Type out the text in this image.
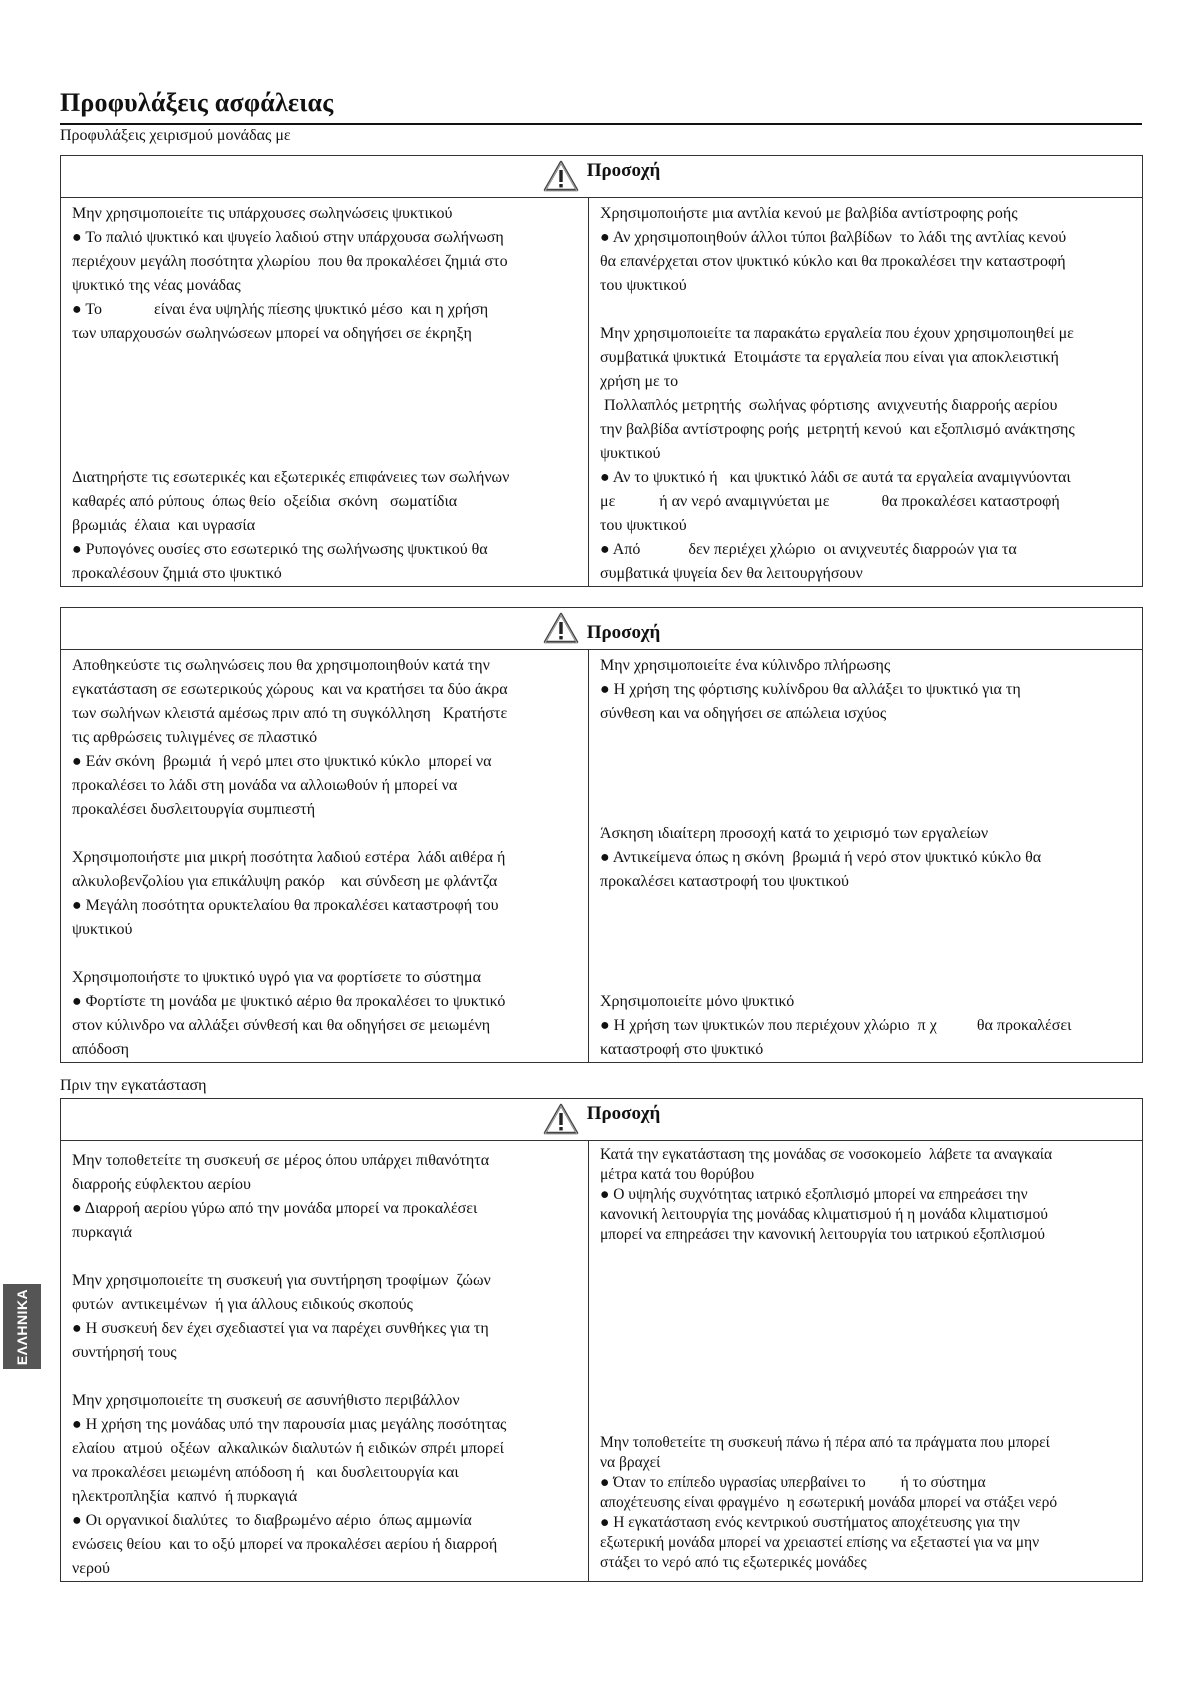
Προφυλάξεις ασφάλειας
Προφυλάξεις χειρισμού μονάδας με
Προσοχή

Μην χρησιμοποιείτε τις υπάρχουσες σωληνώσεις ψυκτικού
● Το παλιό ψυκτικό και ψυγείο λαδιού στην υπάρχουσα σωλήνωση
περιέχουν μεγάλη ποσότητα χλωρίου  που θα προκαλέσει ζημιά στο
ψυκτικό της νέας μονάδας
● Το             είναι ένα υψηλής πίεσης ψυκτικό μέσο  και η χρήση
των υπαρχουσών σωληνώσεων μπορεί να οδηγήσει σε έκρηξη
Διατηρήστε τις εσωτερικές και εξωτερικές επιφάνειες των σωλήνων
καθαρές από ρύπους  όπως θείο  οξείδια  σκόνη   σωματίδια
βρωμιάς  έλαια  και υγρασία
● Ρυπογόνες ουσίες στο εσωτερικό της σωλήνωσης ψυκτικού θα
προκαλέσουν ζημιά στο ψυκτικό

Χρησιμοποιήστε μια αντλία κενού με βαλβίδα αντίστροφης ροής
● Αν χρησιμοποιηθούν άλλοι τύποι βαλβίδων  το λάδι της αντλίας κενού
θα επανέρχεται στον ψυκτικό κύκλο και θα προκαλέσει την καταστροφή
του ψυκτικού
Μην χρησιμοποιείτε τα παρακάτω εργαλεία που έχουν χρησιμοποιηθεί με
συμβατικά ψυκτικά  Ετοιμάστε τα εργαλεία που είναι για αποκλειστική
χρήση με το
Πολλαπλός μετρητής  σωλήνας φόρτισης  ανιχνευτής διαρροής αερίου
την βαλβίδα αντίστροφης ροής  μετρητή κενού  και εξοπλισμό ανάκτησης
ψυκτικού
● Αν το ψυκτικό ή   και ψυκτικό λάδι σε αυτά τα εργαλεία αναμιγνύονται
με           ή αν νερό αναμιγνύεται με             θα προκαλέσει καταστροφή
του ψυκτικού
● Από            δεν περιέχει χλώριο  οι ανιχνευτές διαρροών για τα
συμβατικά ψυγεία δεν θα λειτουργήσουν
Προσοχή

Αποθηκεύστε τις σωληνώσεις που θα χρησιμοποιηθούν κατά την
εγκατάσταση σε εσωτερικούς χώρους  και να κρατήσει τα δύο άκρα
των σωλήνων κλειστά αμέσως πριν από τη συγκόλληση   Κρατήστε
τις αρθρώσεις τυλιγμένες σε πλαστικό
● Εάν σκόνη  βρωμιά  ή νερό μπει στο ψυκτικό κύκλο  μπορεί να
προκαλέσει το λάδι στη μονάδα να αλλοιωθούν ή μπορεί να
προκαλέσει δυσλειτουργία συμπιεστή
Χρησιμοποιήστε μια μικρή ποσότητα λαδιού εστέρα  λάδι αιθέρα ή
αλκυλοβενζολίου για επικάλυψη ρακόρ    και σύνδεση με φλάντζα
● Μεγάλη ποσότητα ορυκτελαίου θα προκαλέσει καταστροφή του
ψυκτικού
Χρησιμοποιήστε το ψυκτικό υγρό για να φορτίσετε το σύστημα
● Φορτίστε τη μονάδα με ψυκτικό αέριο θα προκαλέσει το ψυκτικό
στον κύλινδρο να αλλάξει σύνθεσή και θα οδηγήσει σε μειωμένη
απόδοση

Μην χρησιμοποιείτε ένα κύλινδρο πλήρωσης
● Η χρήση της φόρτισης κυλίνδρου θα αλλάξει το ψυκτικό για τη
σύνθεση και να οδηγήσει σε απώλεια ισχύος
Άσκηση ιδιαίτερη προσοχή κατά το χειρισμό των εργαλείων
● Αντικείμενα όπως η σκόνη  βρωμιά ή νερό στον ψυκτικό κύκλο θα
προκαλέσει καταστροφή του ψυκτικού
Χρησιμοποιείτε μόνο ψυκτικό
● Η χρήση των ψυκτικών που περιέχουν χλώριο  π χ          θα προκαλέσει
καταστροφή στο ψυκτικό
Πριν την εγκατάσταση
Προσοχή

Μην τοποθετείτε τη συσκευή σε μέρος όπου υπάρχει πιθανότητα
διαρροής εύφλεκτου αερίου
● Διαρροή αερίου γύρω από την μονάδα μπορεί να προκαλέσει
πυρκαγιά
Μην χρησιμοποιείτε τη συσκευή για συντήρηση τροφίμων  ζώων
φυτών  αντικειμένων  ή για άλλους ειδικούς σκοπούς
● Η συσκευή δεν έχει σχεδιαστεί για να παρέχει συνθήκες για τη
συντήρησή τους
Μην χρησιμοποιείτε τη συσκευή σε ασυνήθιστο περιβάλλον
● Η χρήση της μονάδας υπό την παρουσία μιας μεγάλης ποσότητας
ελαίου  ατμού  οξέων  αλκαλικών διαλυτών ή ειδικών σπρέι μπορεί
να προκαλέσει μειωμένη απόδοση ή   και δυσλειτουργία και
ηλεκτροπληξία  καπνό  ή πυρκαγιά
● Οι οργανικοί διαλύτες  το διαβρωμένο αέριο  όπως αμμωνία
ενώσεις θείου  και το οξύ μπορεί να προκαλέσει αερίου ή διαρροή
νερού

Κατά την εγκατάσταση της μονάδας σε νοσοκομείο  λάβετε τα αναγκαία
μέτρα κατά του θορύβου
● Ο υψηλής συχνότητας ιατρικό εξοπλισμό μπορεί να επηρεάσει την
κανονική λειτουργία της μονάδας κλιματισμού ή η μονάδα κλιματισμού
μπορεί να επηρεάσει την κανονική λειτουργία του ιατρικού εξοπλισμού
Μην τοποθετείτε τη συσκευή πάνω ή πέρα από τα πράγματα που μπορεί
να βραχεί
● Όταν το επίπεδο υγρασίας υπερβαίνει το         ή το σύστημα
αποχέτευσης είναι φραγμένο  η εσωτερική μονάδα μπορεί να στάξει νερό
● Η εγκατάσταση ενός κεντρικού συστήματος αποχέτευσης για την
εξωτερική μονάδα μπορεί να χρειαστεί επίσης να εξεταστεί για να μην
στάξει το νερό από τις εξωτερικές μονάδες
ΕΛΛΗΝΙΚΑ
